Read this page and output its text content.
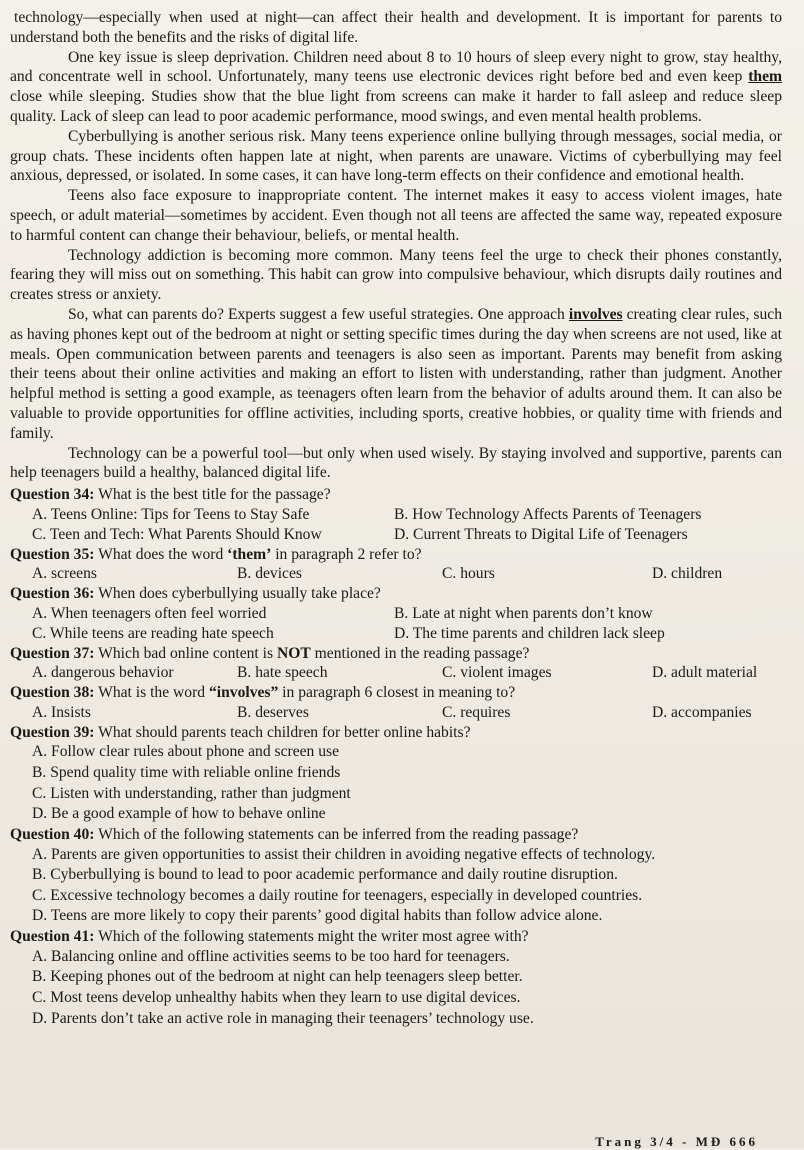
technology—especially when used at night—can affect their health and development. It is important for parents to understand both the benefits and the risks of digital life.

One key issue is sleep deprivation. Children need about 8 to 10 hours of sleep every night to grow, stay healthy, and concentrate well in school. Unfortunately, many teens use electronic devices right before bed and even keep them close while sleeping. Studies show that the blue light from screens can make it harder to fall asleep and reduce sleep quality. Lack of sleep can lead to poor academic performance, mood swings, and even mental health problems.

Cyberbullying is another serious risk. Many teens experience online bullying through messages, social media, or group chats. These incidents often happen late at night, when parents are unaware. Victims of cyberbullying may feel anxious, depressed, or isolated. In some cases, it can have long-term effects on their confidence and emotional health.

Teens also face exposure to inappropriate content. The internet makes it easy to access violent images, hate speech, or adult material—sometimes by accident. Even though not all teens are affected the same way, repeated exposure to harmful content can change their behaviour, beliefs, or mental health.

Technology addiction is becoming more common. Many teens feel the urge to check their phones constantly, fearing they will miss out on something. This habit can grow into compulsive behaviour, which disrupts daily routines and creates stress or anxiety.

So, what can parents do? Experts suggest a few useful strategies. One approach involves creating clear rules, such as having phones kept out of the bedroom at night or setting specific times during the day when screens are not used, like at meals. Open communication between parents and teenagers is also seen as important. Parents may benefit from asking their teens about their online activities and making an effort to listen with understanding, rather than judgment. Another helpful method is setting a good example, as teenagers often learn from the behavior of adults around them. It can also be valuable to provide opportunities for offline activities, including sports, creative hobbies, or quality time with friends and family.

Technology can be a powerful tool—but only when used wisely. By staying involved and supportive, parents can help teenagers build a healthy, balanced digital life.

Question 34: What is the best title for the passage?
A. Teens Online: Tips for Teens to Stay Safe	B. How Technology Affects Parents of Teenagers
C. Teen and Tech: What Parents Should Know	D. Current Threats to Digital Life of Teenagers
Question 35: What does the word ‘them’ in paragraph 2 refer to?
A. screens	B. devices	C. hours	D. children
Question 36: When does cyberbullying usually take place?
A. When teenagers often feel worried	B. Late at night when parents don’t know
C. While teens are reading hate speech	D. The time parents and children lack sleep
Question 37: Which bad online content is NOT mentioned in the reading passage?
A. dangerous behavior	B. hate speech	C. violent images	D. adult material
Question 38: What is the word “involves” in paragraph 6 closest in meaning to?
A. Insists	B. deserves	C. requires	D. accompanies
Question 39: What should parents teach children for better online habits?
A. Follow clear rules about phone and screen use
B. Spend quality time with reliable online friends
C. Listen with understanding, rather than judgment
D. Be a good example of how to behave online
Question 40: Which of the following statements can be inferred from the reading passage?
A. Parents are given opportunities to assist their children in avoiding negative effects of technology.
B. Cyberbullying is bound to lead to poor academic performance and daily routine disruption.
C. Excessive technology becomes a daily routine for teenagers, especially in developed countries.
D. Teens are more likely to copy their parents’ good digital habits than follow advice alone.
Question 41: Which of the following statements might the writer most agree with?
A. Balancing online and offline activities seems to be too hard for teenagers.
B. Keeping phones out of the bedroom at night can help teenagers sleep better.
C. Most teens develop unhealthy habits when they learn to use digital devices.
D. Parents don’t take an active role in managing their teenagers’ technology use.
Trang 3/4 - MĐ 666
